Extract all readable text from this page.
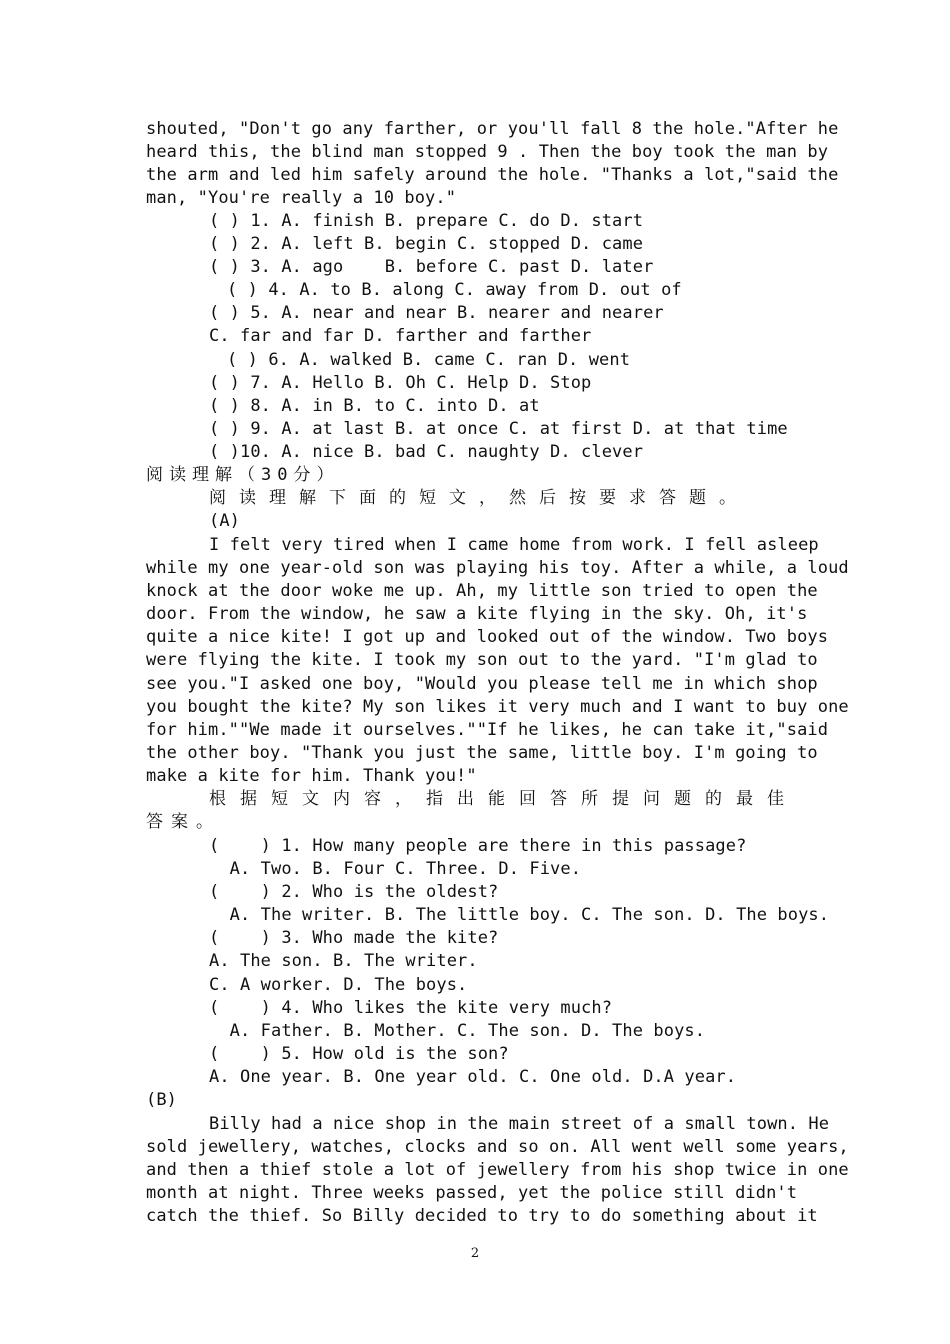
shouted, "Don't go any farther, or you'll fall 8 the hole."After he
heard this, the blind man stopped 9 . Then the boy took the man by
the arm and led him safely around the hole. "Thanks a lot,"said the
man, "You're really a 10 boy."
( ) 1. A. finish B. prepare C. do D. start
( ) 2. A. left B. begin C. stopped D. came
( ) 3. A. ago    B. before C. past D. later
( ) 4. A. to B. along C. away from D. out of
( ) 5. A. near and near B. nearer and nearer
C. far and far D. farther and farther
( ) 6. A. walked B. came C. ran D. went
( ) 7. A. Hello B. Oh C. Help D. Stop
( ) 8. A. in B. to C. into D. at
( ) 9. A. at last B. at once C. at first D. at that time
( )10. A. nice B. bad C. naughty D. clever
阅读理解（30分）
阅读理解下面的短文，然后按要求答题。
(A)
I felt very tired when I came home from work. I fell asleep
while my one year-old son was playing his toy. After a while, a loud
knock at the door woke me up. Ah, my little son tried to open the
door. From the window, he saw a kite flying in the sky. Oh, it's
quite a nice kite! I got up and looked out of the window. Two boys
were flying the kite. I took my son out to the yard. "I'm glad to
see you."I asked one boy, "Would you please tell me in which shop
you bought the kite? My son likes it very much and I want to buy one
for him.""We made it ourselves.""If he likes, he can take it,"said
the other boy. "Thank you just the same, little boy. I'm going to
make a kite for him. Thank you!"
根据短文内容，指出能回答所提问题的最佳
答案。
(    ) 1. How many people are there in this passage?
A. Two. B. Four C. Three. D. Five.
(    ) 2. Who is the oldest?
A. The writer. B. The little boy. C. The son. D. The boys.
(    ) 3. Who made the kite?
A. The son. B. The writer.
C. A worker. D. The boys.
(    ) 4. Who likes the kite very much?
A. Father. B. Mother. C. The son. D. The boys.
(    ) 5. How old is the son?
A. One year. B. One year old. C. One old. D.A year.
(B)
Billy had a nice shop in the main street of a small town. He
sold jewellery, watches, clocks and so on. All went well some years,
and then a thief stole a lot of jewellery from his shop twice in one
month at night. Three weeks passed, yet the police still didn't
catch the thief. So Billy decided to try to do something about it
2
